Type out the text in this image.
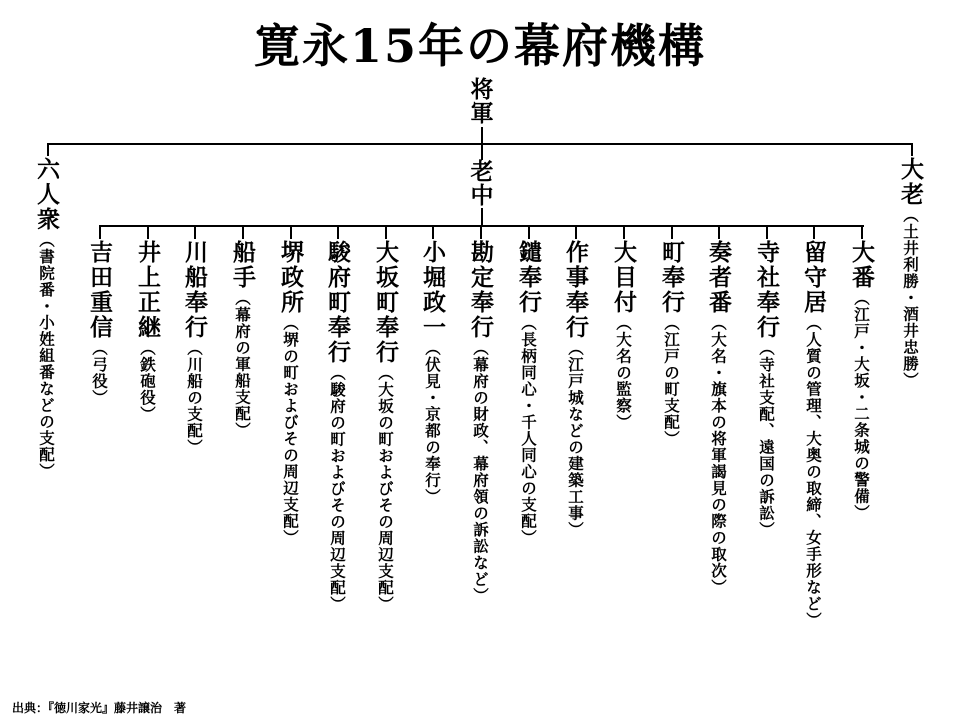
寛永15年の幕府機構
将軍
老中	大老（土井利勝・酒井忠勝）
六人衆（書院番・小姓組番などの支配）	大番（江戸・大坂・二条城の警備）
留守居（人質の管理、大奥の取締、女手形など）
寺社奉行（寺社支配、遠国の訴訟）
奏者番（大名・旗本の将軍謁見の際の取次）
町奉行（江戸の町支配）
大目付（大名の監察）
作事奉行（江戸城などの建築工事）
鑓奉行（長柄同心・千人同心の支配）
勘定奉行（幕府の財政、幕府領の訴訟など）
小堀政一（伏見・京都の奉行）
大坂町奉行（大坂の町およびその周辺支配）
駿府町奉行（駿府の町およびその周辺支配）
堺政所（堺の町およびその周辺支配）
船手（幕府の軍船支配）
川船奉行（川船の支配）
井上正継（鉄砲役）
吉田重信（弓役）
出典：『徳川家光』藤井譲治　著
